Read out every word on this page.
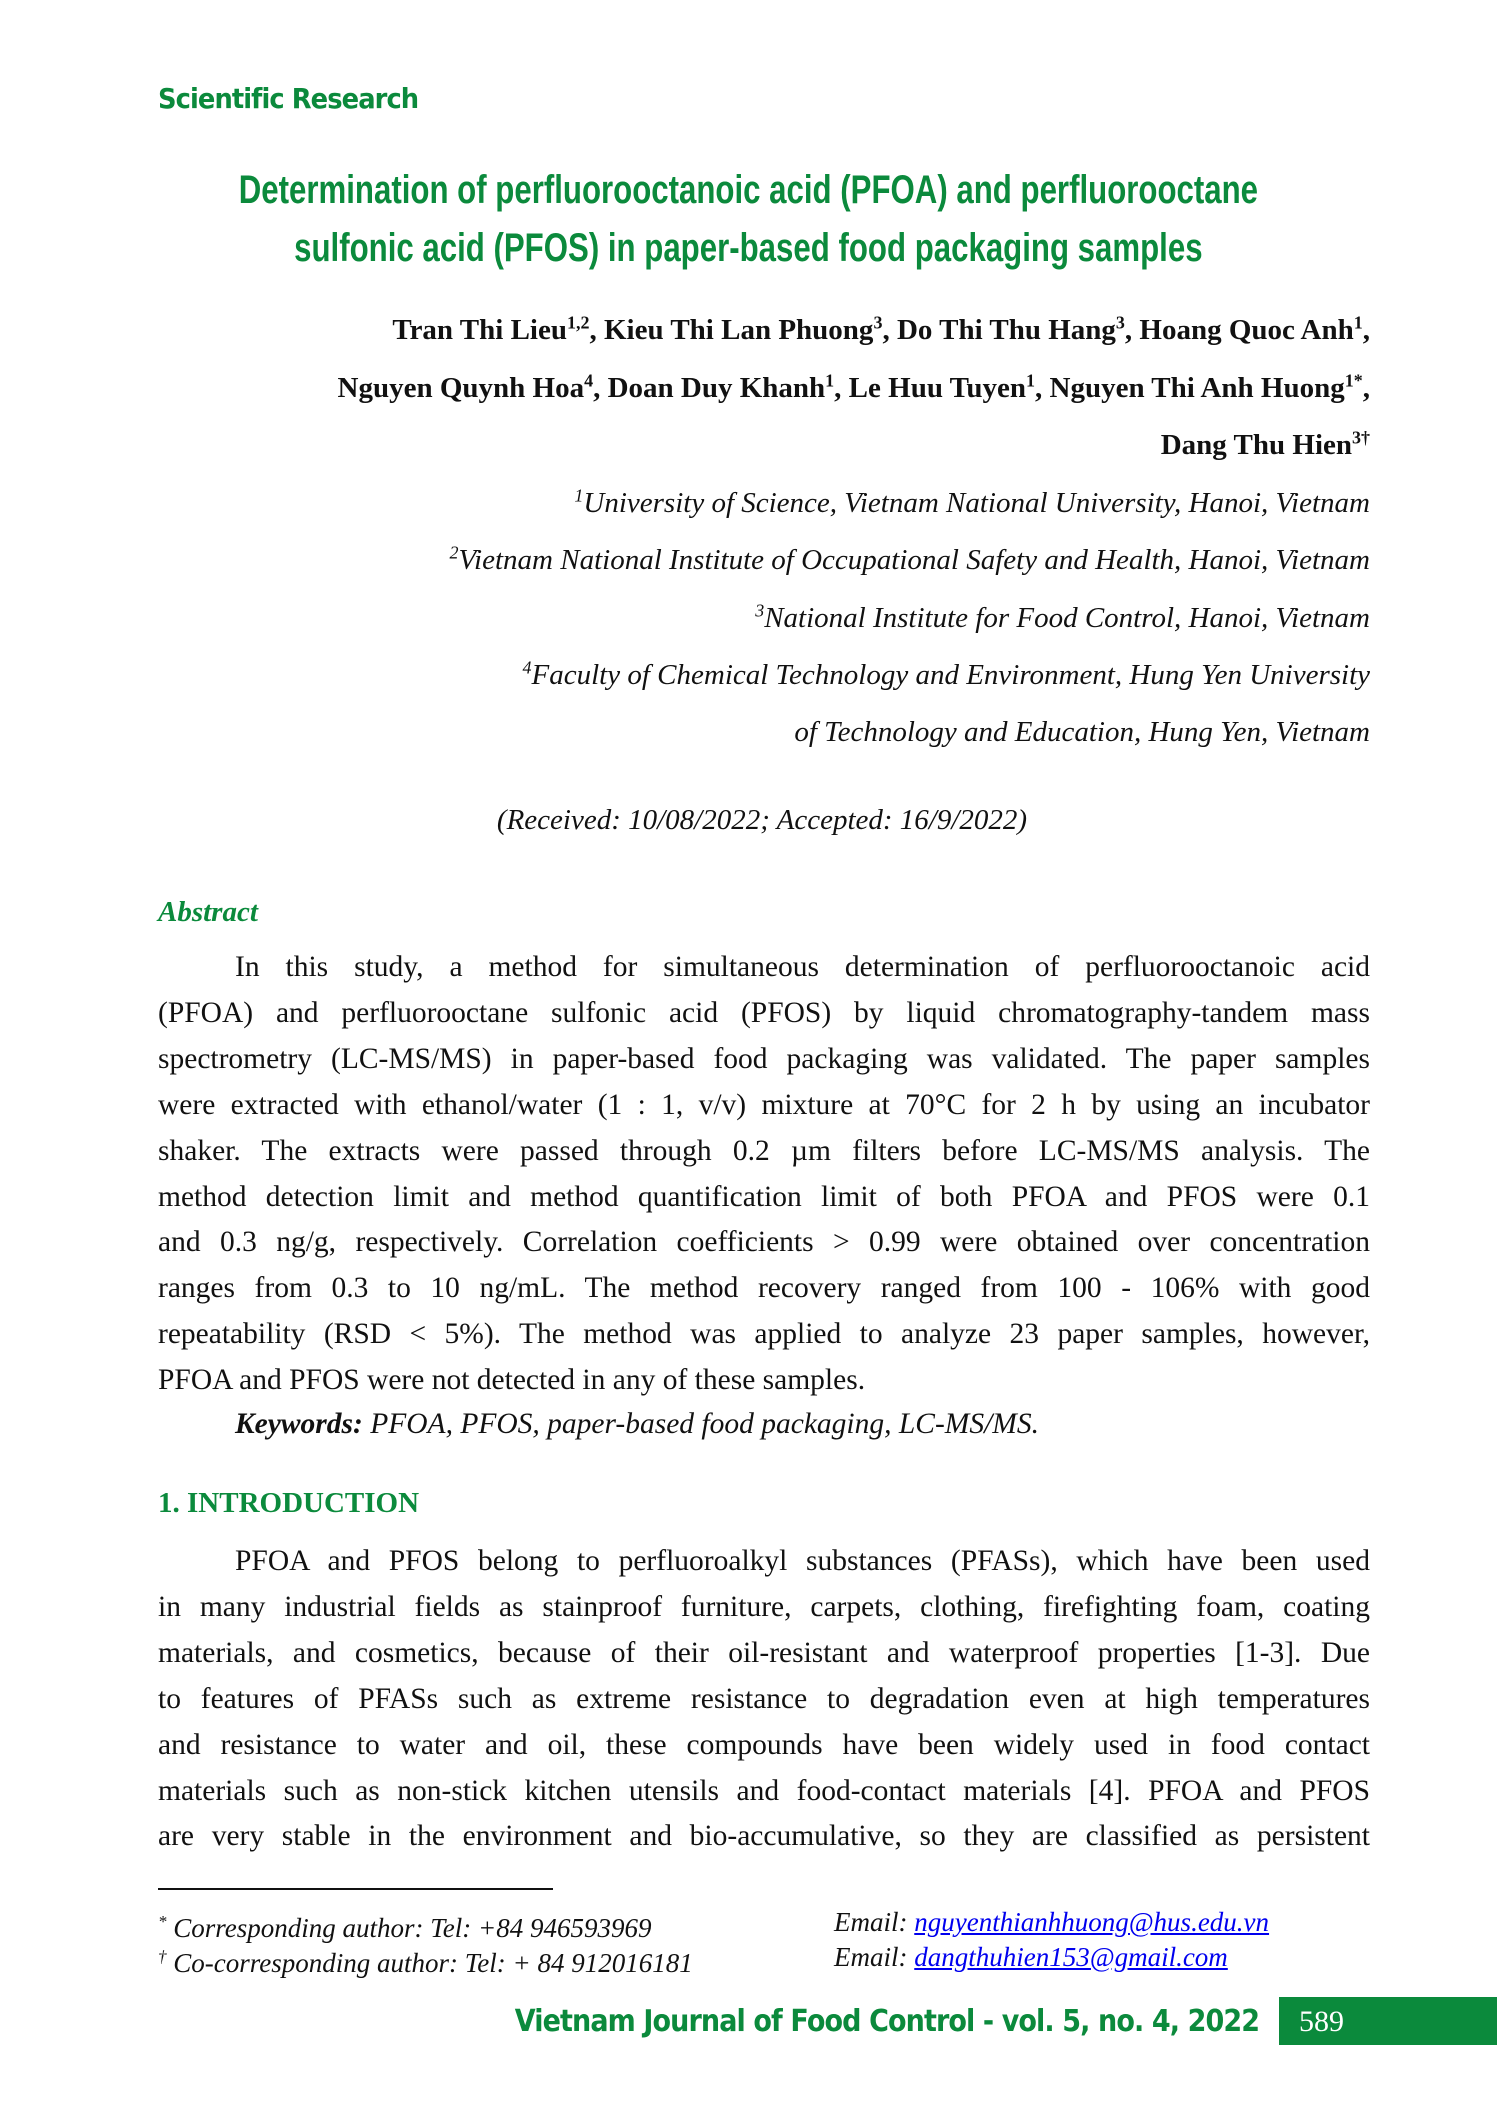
Scientific Research
Determination of perfluorooctanoic acid (PFOA) and perfluorooctane
sulfonic acid (PFOS) in paper-based food packaging samples
Tran Thi Lieu$^{1,2}$, Kieu Thi Lan Phuong$^3$, Do Thi Thu Hang$^3$, Hoang Quoc Anh$^1$,
Nguyen Quynh Hoa$^4$, Doan Duy Khanh$^1$, Le Huu Tuyen$^1$, Nguyen Thi Anh Huong$^{1*}$,
Dang Thu Hien$^{3\dagger}$
$^1$University of Science, Vietnam National University, Hanoi, Vietnam
$^2$Vietnam National Institute of Occupational Safety and Health, Hanoi, Vietnam
$^3$National Institute for Food Control, Hanoi, Vietnam
$^4$Faculty of Chemical Technology and Environment, Hung Yen University
of Technology and Education, Hung Yen, Vietnam
(Received: 10/08/2022; Accepted: 16/9/2022)
Abstract
In this study, a method for simultaneous determination of perfluorooctanoic acid
(PFOA) and perfluorooctane sulfonic acid (PFOS) by liquid chromatography-tandem mass
spectrometry (LC-MS/MS) in paper-based food packaging was validated. The paper samples
were extracted with ethanol/water (1 : 1, v/v) mixture at 70°C for 2 h by using an incubator
shaker. The extracts were passed through 0.2 µm filters before LC-MS/MS analysis. The
method detection limit and method quantification limit of both PFOA and PFOS were 0.1
and 0.3 ng/g, respectively. Correlation coefficients > 0.99 were obtained over concentration
ranges from 0.3 to 10 ng/mL. The method recovery ranged from 100 - 106% with good
repeatability (RSD < 5%). The method was applied to analyze 23 paper samples, however,
PFOA and PFOS were not detected in any of these samples.
Keywords: PFOA, PFOS, paper-based food packaging, LC-MS/MS.
1. INTRODUCTION
PFOA and PFOS belong to perfluoroalkyl substances (PFASs), which have been used
in many industrial fields as stainproof furniture, carpets, clothing, firefighting foam, coating
materials, and cosmetics, because of their oil-resistant and waterproof properties [1-3]. Due
to features of PFASs such as extreme resistance to degradation even at high temperatures
and resistance to water and oil, these compounds have been widely used in food contact
materials such as non-stick kitchen utensils and food-contact materials [4]. PFOA and PFOS
are very stable in the environment and bio-accumulative, so they are classified as persistent
* Corresponding author: Tel: +84 946593969	Email: nguyenthianhhuong@hus.edu.vn
† Co-corresponding author: Tel: + 84 912016181	Email: dangthuhien153@gmail.com
Vietnam Journal of Food Control - vol. 5, no. 4, 2022 589
